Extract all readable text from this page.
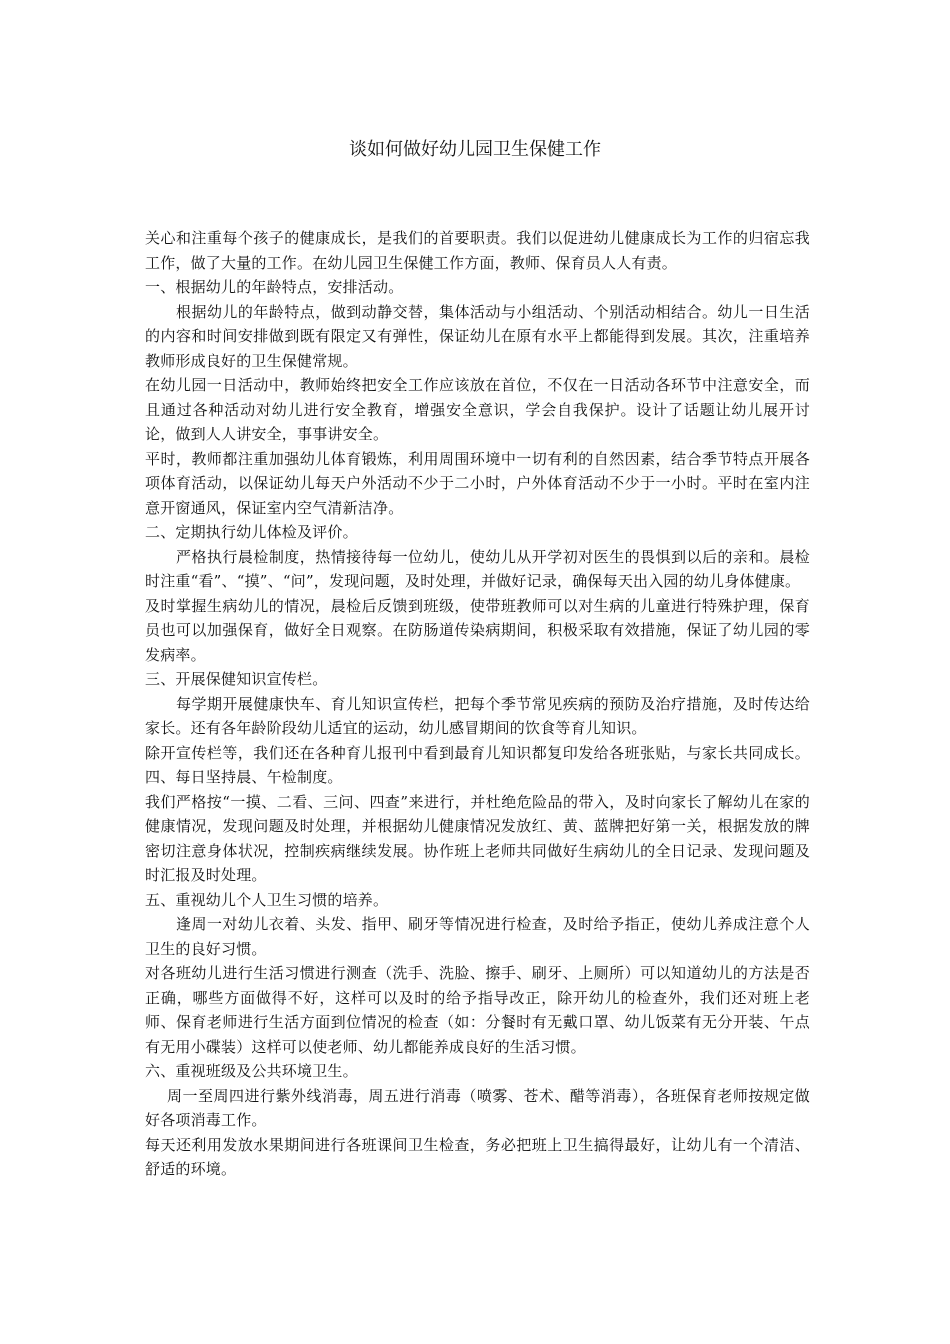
谈如何做好幼儿园卫生保健工作

关心和注重每个孩子的健康成长，是我们的首要职责。我们以促进幼儿健康成长为工作的归宿忘我工作，做了大量的工作。在幼儿园卫生保健工作方面，教师、保育员人人有责。

一、根据幼儿的年龄特点，安排活动。

根据幼儿的年龄特点，做到动静交替，集体活动与小组活动、个别活动相结合。幼儿一日生活的内容和时间安排做到既有限定又有弹性，保证幼儿在原有水平上都能得到发展。其次，注重培养教师形成良好的卫生保健常规。

在幼儿园一日活动中，教师始终把安全工作应该放在首位，不仅在一日活动各环节中注意安全，而且通过各种活动对幼儿进行安全教育，增强安全意识，学会自我保护。设计了话题让幼儿展开讨论，做到人人讲安全，事事讲安全。

平时，教师都注重加强幼儿体育锻炼，利用周围环境中一切有利的自然因素，结合季节特点开展各项体育活动，以保证幼儿每天户外活动不少于二小时，户外体育活动不少于一小时。平时在室内注意开窗通风，保证室内空气清新洁净。

二、定期执行幼儿体检及评价。

严格执行晨检制度，热情接待每一位幼儿，使幼儿从开学初对医生的畏惧到以后的亲和。晨检时注重“看”、“摸”、“问”，发现问题，及时处理，并做好记录，确保每天出入园的幼儿身体健康。

及时掌握生病幼儿的情况，晨检后反馈到班级，使带班教师可以对生病的儿童进行特殊护理，保育员也可以加强保育，做好全日观察。在防肠道传染病期间，积极采取有效措施，保证了幼儿园的零发病率。

三、开展保健知识宣传栏。

每学期开展健康快车、育儿知识宣传栏，把每个季节常见疾病的预防及治疗措施，及时传达给家长。还有各年龄阶段幼儿适宜的运动，幼儿感冒期间的饮食等育儿知识。

除开宣传栏等，我们还在各种育儿报刊中看到最育儿知识都复印发给各班张贴，与家长共同成长。四、每日坚持晨、午检制度。

我们严格按“一摸、二看、三问、四查”来进行，并杜绝危险品的带入，及时向家长了解幼儿在家的健康情况，发现问题及时处理，并根据幼儿健康情况发放红、黄、蓝牌把好第一关，根据发放的牌密切注意身体状况，控制疾病继续发展。协作班上老师共同做好生病幼儿的全日记录、发现问题及时汇报及时处理。

五、重视幼儿个人卫生习惯的培养。

逢周一对幼儿衣着、头发、指甲、刷牙等情况进行检查，及时给予指正，使幼儿养成注意个人卫生的良好习惯。

对各班幼儿进行生活习惯进行测查（洗手、洗脸、擦手、刷牙、上厕所）可以知道幼儿的方法是否正确，哪些方面做得不好，这样可以及时的给予指导改正，除开幼儿的检查外，我们还对班上老师、保育老师进行生活方面到位情况的检查（如：分餐时有无戴口罩、幼儿饭菜有无分开装、午点有无用小碟装）这样可以使老师、幼儿都能养成良好的生活习惯。

六、重视班级及公共环境卫生。

周一至周四进行紫外线消毒，周五进行消毒（喷雾、苍术、醋等消毒），各班保育老师按规定做好各项消毒工作。

每天还利用发放水果期间进行各班课间卫生检查，务必把班上卫生搞得最好，让幼儿有一个清洁、舒适的环境。
